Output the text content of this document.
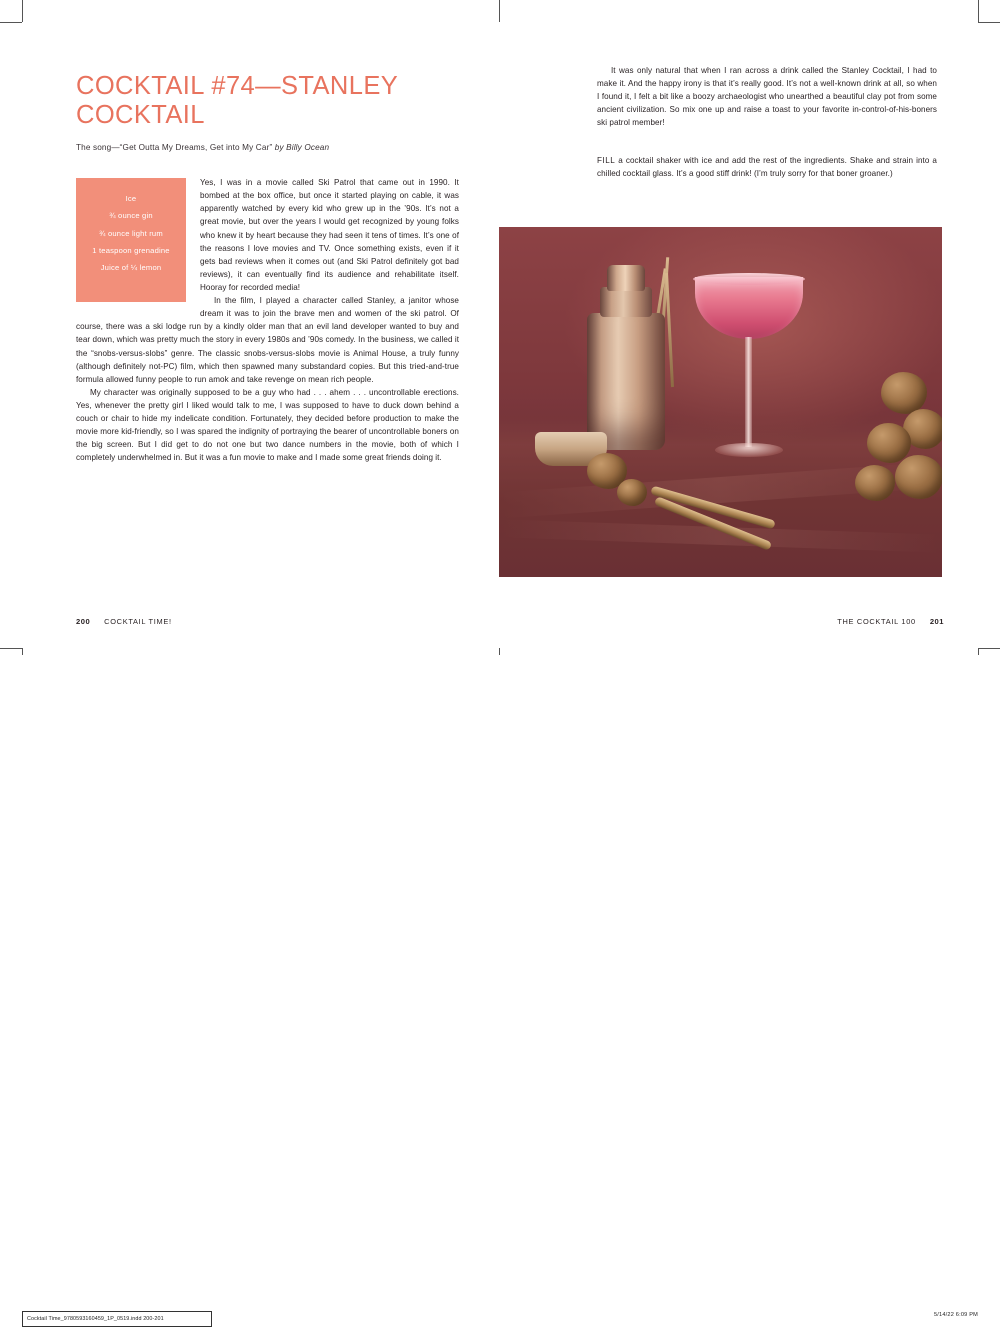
COCKTAIL #74—STANLEY COCKTAIL
The song—“Get Outta My Dreams, Get into My Car” by Billy Ocean
Ice
¾ ounce gin
¾ ounce light rum
1 teaspoon grenadine
Juice of ¼ lemon

Yes, I was in a movie called Ski Patrol that came out in 1990. It bombed at the box office, but once it started playing on cable, it was apparently watched by every kid who grew up in the ’90s. It’s not a great movie, but over the years I would get recognized by young folks who knew it by heart because they had seen it tens of times. It’s one of the reasons I love movies and TV. Once something exists, even if it gets bad reviews when it comes out (and Ski Patrol definitely got bad reviews), it can eventually find its audience and rehabilitate itself. Hooray for recorded media!

In the film, I played a character called Stanley, a janitor whose dream it was to join the brave men and women of the ski patrol. Of course, there was a ski lodge run by a kindly older man that an evil land developer wanted to buy and tear down, which was pretty much the story in every 1980s and ’90s comedy. In the business, we called it the “snobs-versus-slobs” genre. The classic snobs-versus-slobs movie is Animal House, a truly funny (although definitely not-PC) film, which then spawned many substandard copies. But this tried-and-true formula allowed funny people to run amok and take revenge on mean rich people.

My character was originally supposed to be a guy who had . . . ahem . . . uncontrollable erections. Yes, whenever the pretty girl I liked would talk to me, I was supposed to have to duck down behind a couch or chair to hide my indelicate condition. Fortunately, they decided before production to make the movie more kid-friendly, so I was spared the indignity of portraying the bearer of uncontrollable boners on the big screen. But I did get to do not one but two dance numbers in the movie, both of which I completely underwhelmed in. But it was a fun movie to make and I made some great friends doing it.

200 COCKTAIL TIME!

It was only natural that when I ran across a drink called the Stanley Cocktail, I had to make it. And the happy irony is that it’s really good. It’s not a well-known drink at all, so when I found it, I felt a bit like a boozy archaeologist who unearthed a beautiful clay pot from some ancient civilization. So mix one up and raise a toast to your favorite in-control-of-his-boners ski patrol member!

FILL a cocktail shaker with ice and add the rest of the ingredients. Shake and strain into a chilled cocktail glass. It’s a good stiff drink! (I’m truly sorry for that boner groaner.)
THE COCKTAIL 100 201
Cocktail Time_9780593160459_1P_0519.indd 200-201
5/14/22 6:09 PM
